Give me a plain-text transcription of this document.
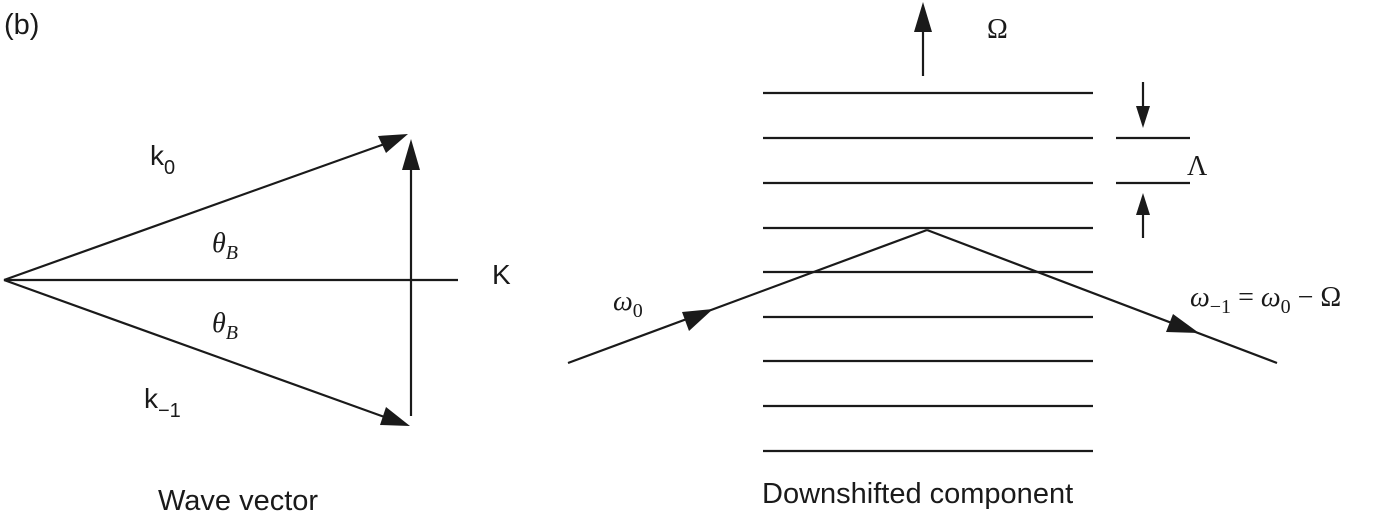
(b)
$k_0$
$\theta_B$
K
$\theta_B$
$k_{-1}$
Wave vector
Ω
Λ
$\omega_0$	$\omega_{-1} = \omega_0 - \Omega$
Downshifted component
